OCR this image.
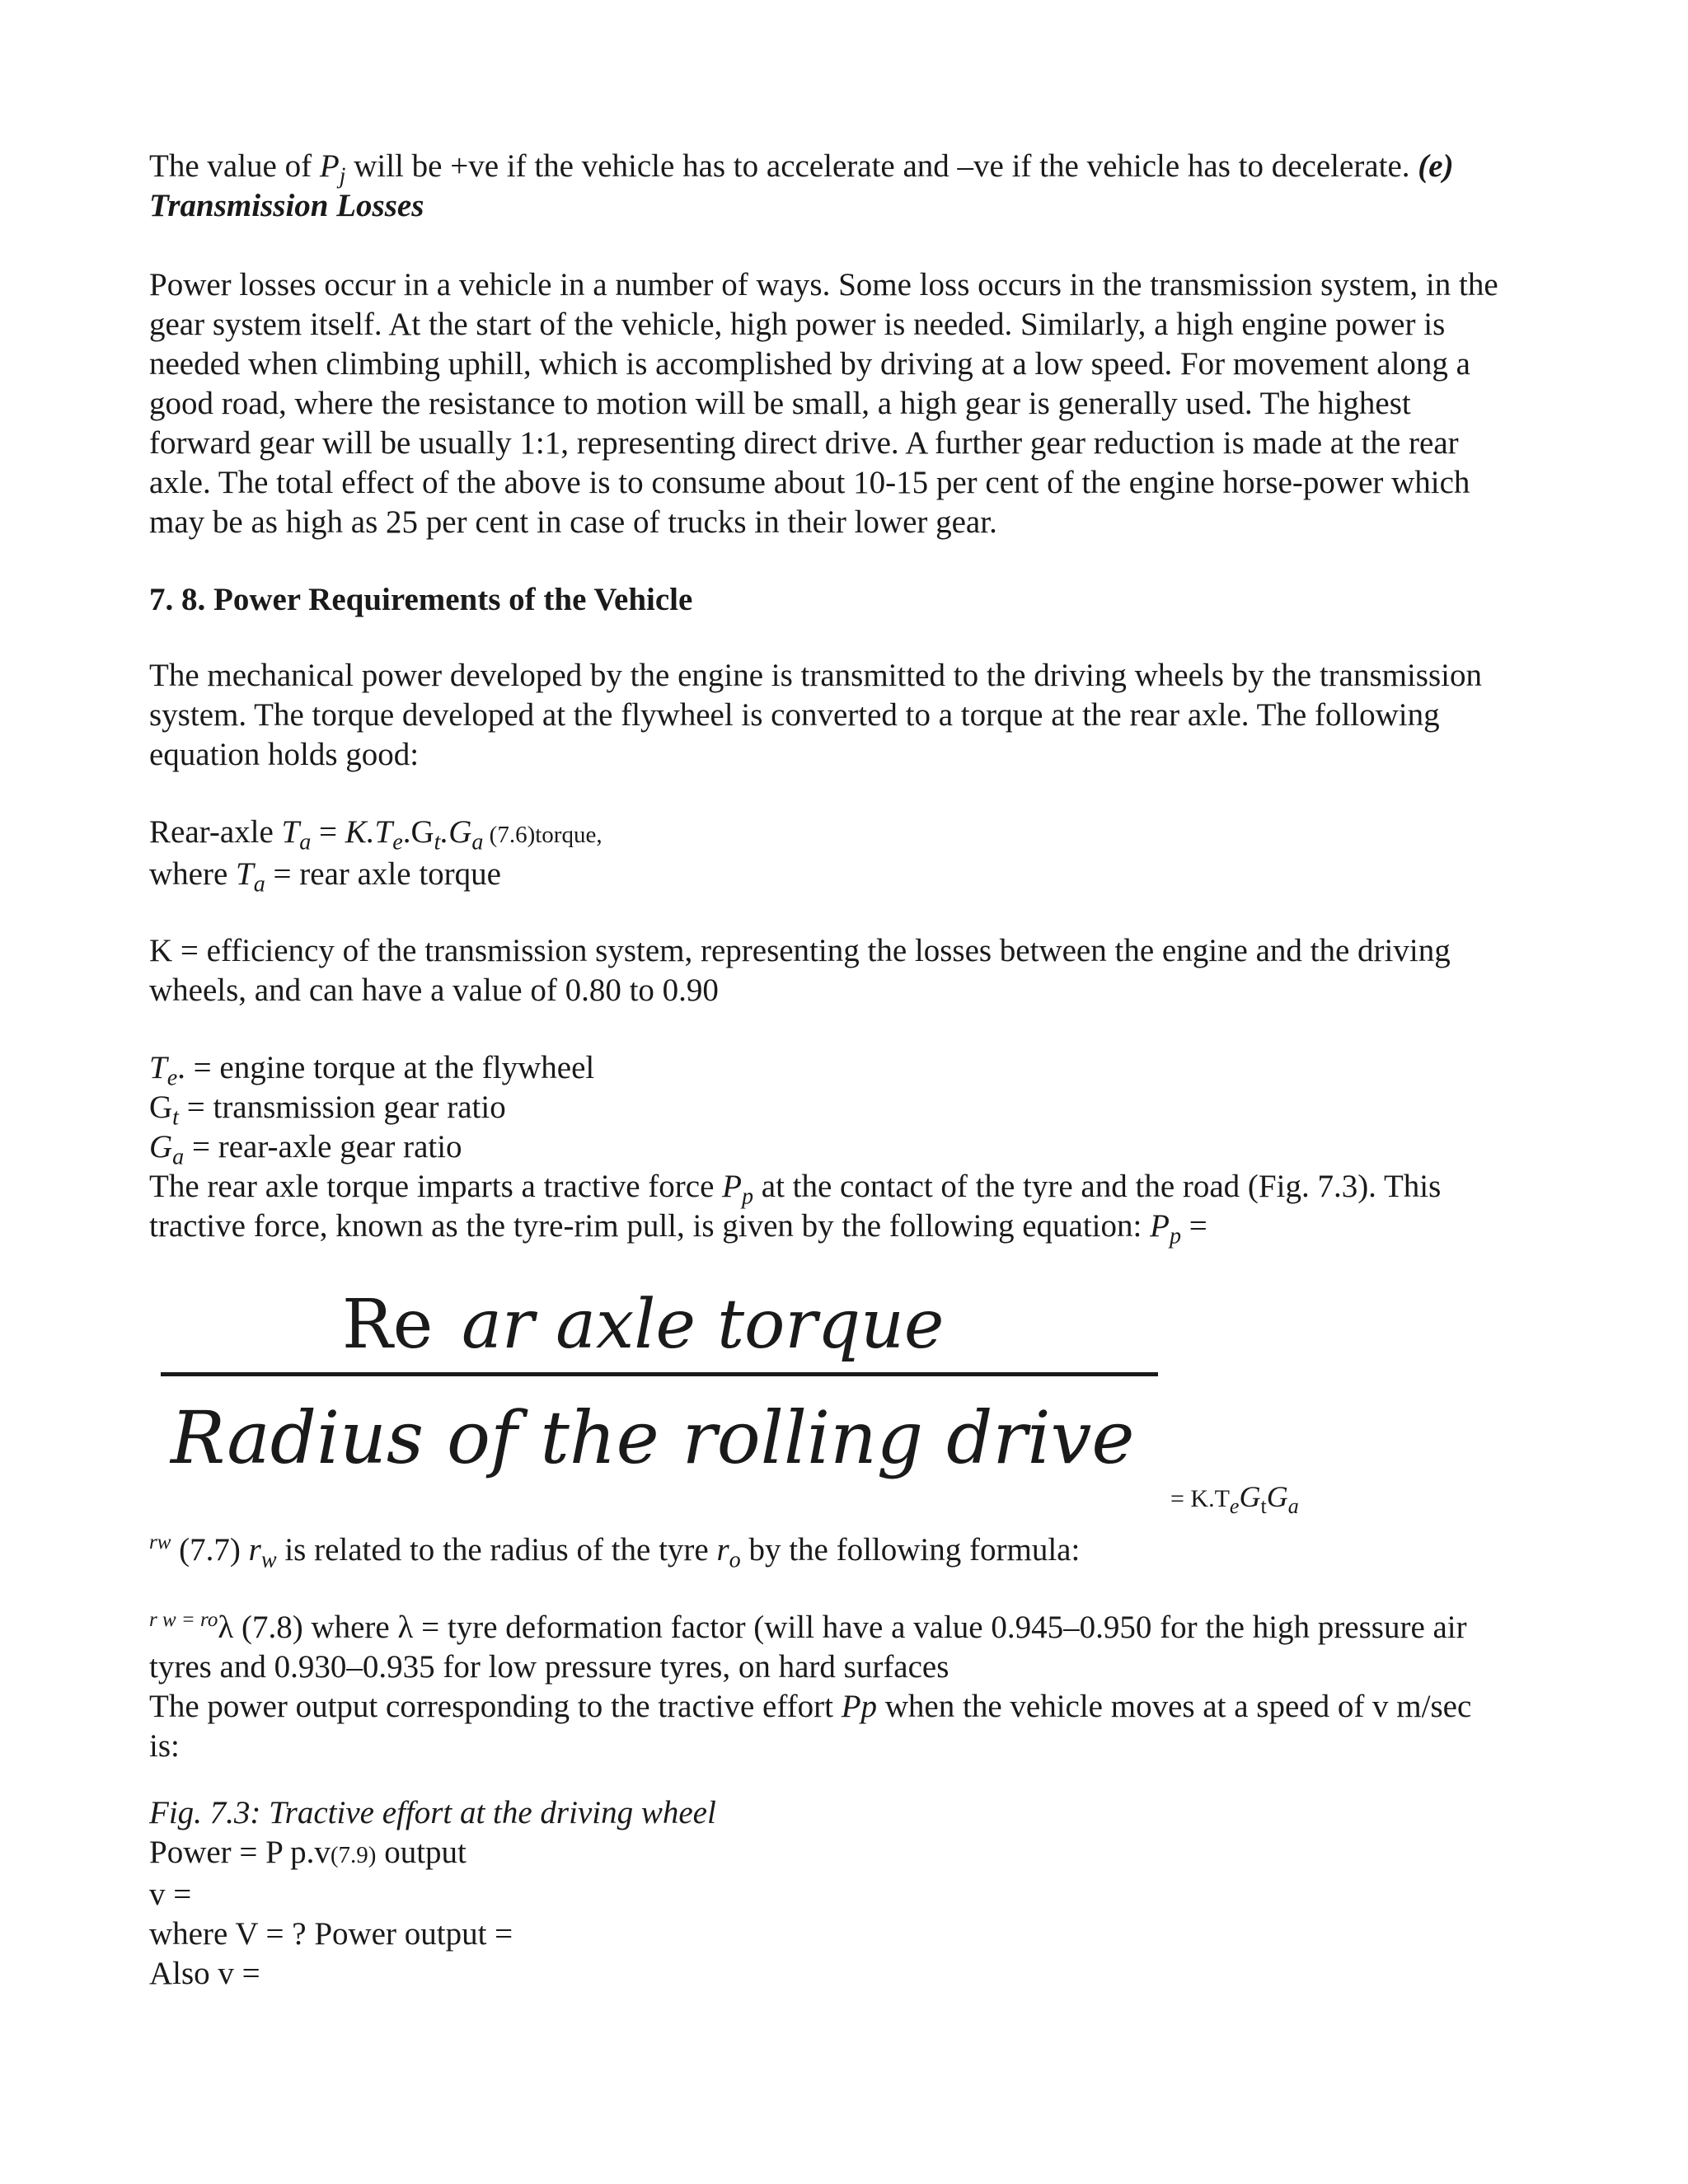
The value of $P_j$ will be +ve if the vehicle has to accelerate and –ve if the vehicle has to decelerate. (e)
Transmission Losses

Power losses occur in a vehicle in a number of ways. Some loss occurs in the transmission system, in the
gear system itself. At the start of the vehicle, high power is needed. Similarly, a high engine power is
needed when climbing uphill, which is accomplished by driving at a low speed. For movement along a
good road, where the resistance to motion will be small, a high gear is generally used. The highest
forward gear will be usually 1:1, representing direct drive. A further gear reduction is made at the rear
axle. The total effect of the above is to consume about 10-15 per cent of the engine horse-power which
may be as high as 25 per cent in case of trucks in their lower gear.

7. 8. Power Requirements of the Vehicle

The mechanical power developed by the engine is transmitted to the driving wheels by the transmission
system. The torque developed at the flywheel is converted to a torque at the rear axle. The following
equation holds good:

Rear-axle $T_a = K.T_e.G_t.G_a$ (7.6)torque,
where $T_a$ = rear axle torque

K = efficiency of the transmission system, representing the losses between the engine and the driving
wheels, and can have a value of 0.80 to 0.90

$T_e$. = engine torque at the flywheel
$G_t$ = transmission gear ratio
$G_a$ = rear-axle gear ratio
The rear axle torque imparts a tractive force $P_p$ at the contact of the tyre and the road (Fig. 7.3). This
tractive force, known as the tyre-rim pull, is given by the following equation: $P_p$ =

Re ar axle torque
Radius of the rolling drive
= $K.T_eG_tG_a$

$^{rw}$ (7.7) $r_w$ is related to the radius of the tyre $r_o$ by the following formula:

$^{r w = ro}$λ (7.8) where λ = tyre deformation factor (will have a value 0.945–0.950 for the high pressure air
tyres and 0.930–0.935 for low pressure tyres, on hard surfaces
The power output corresponding to the tractive effort Pp when the vehicle moves at a speed of v m/sec
is:

Fig. 7.3: Tractive effort at the driving wheel

Power = P p.v(7.9) output
v =
where V = ? Power output =
Also v =
